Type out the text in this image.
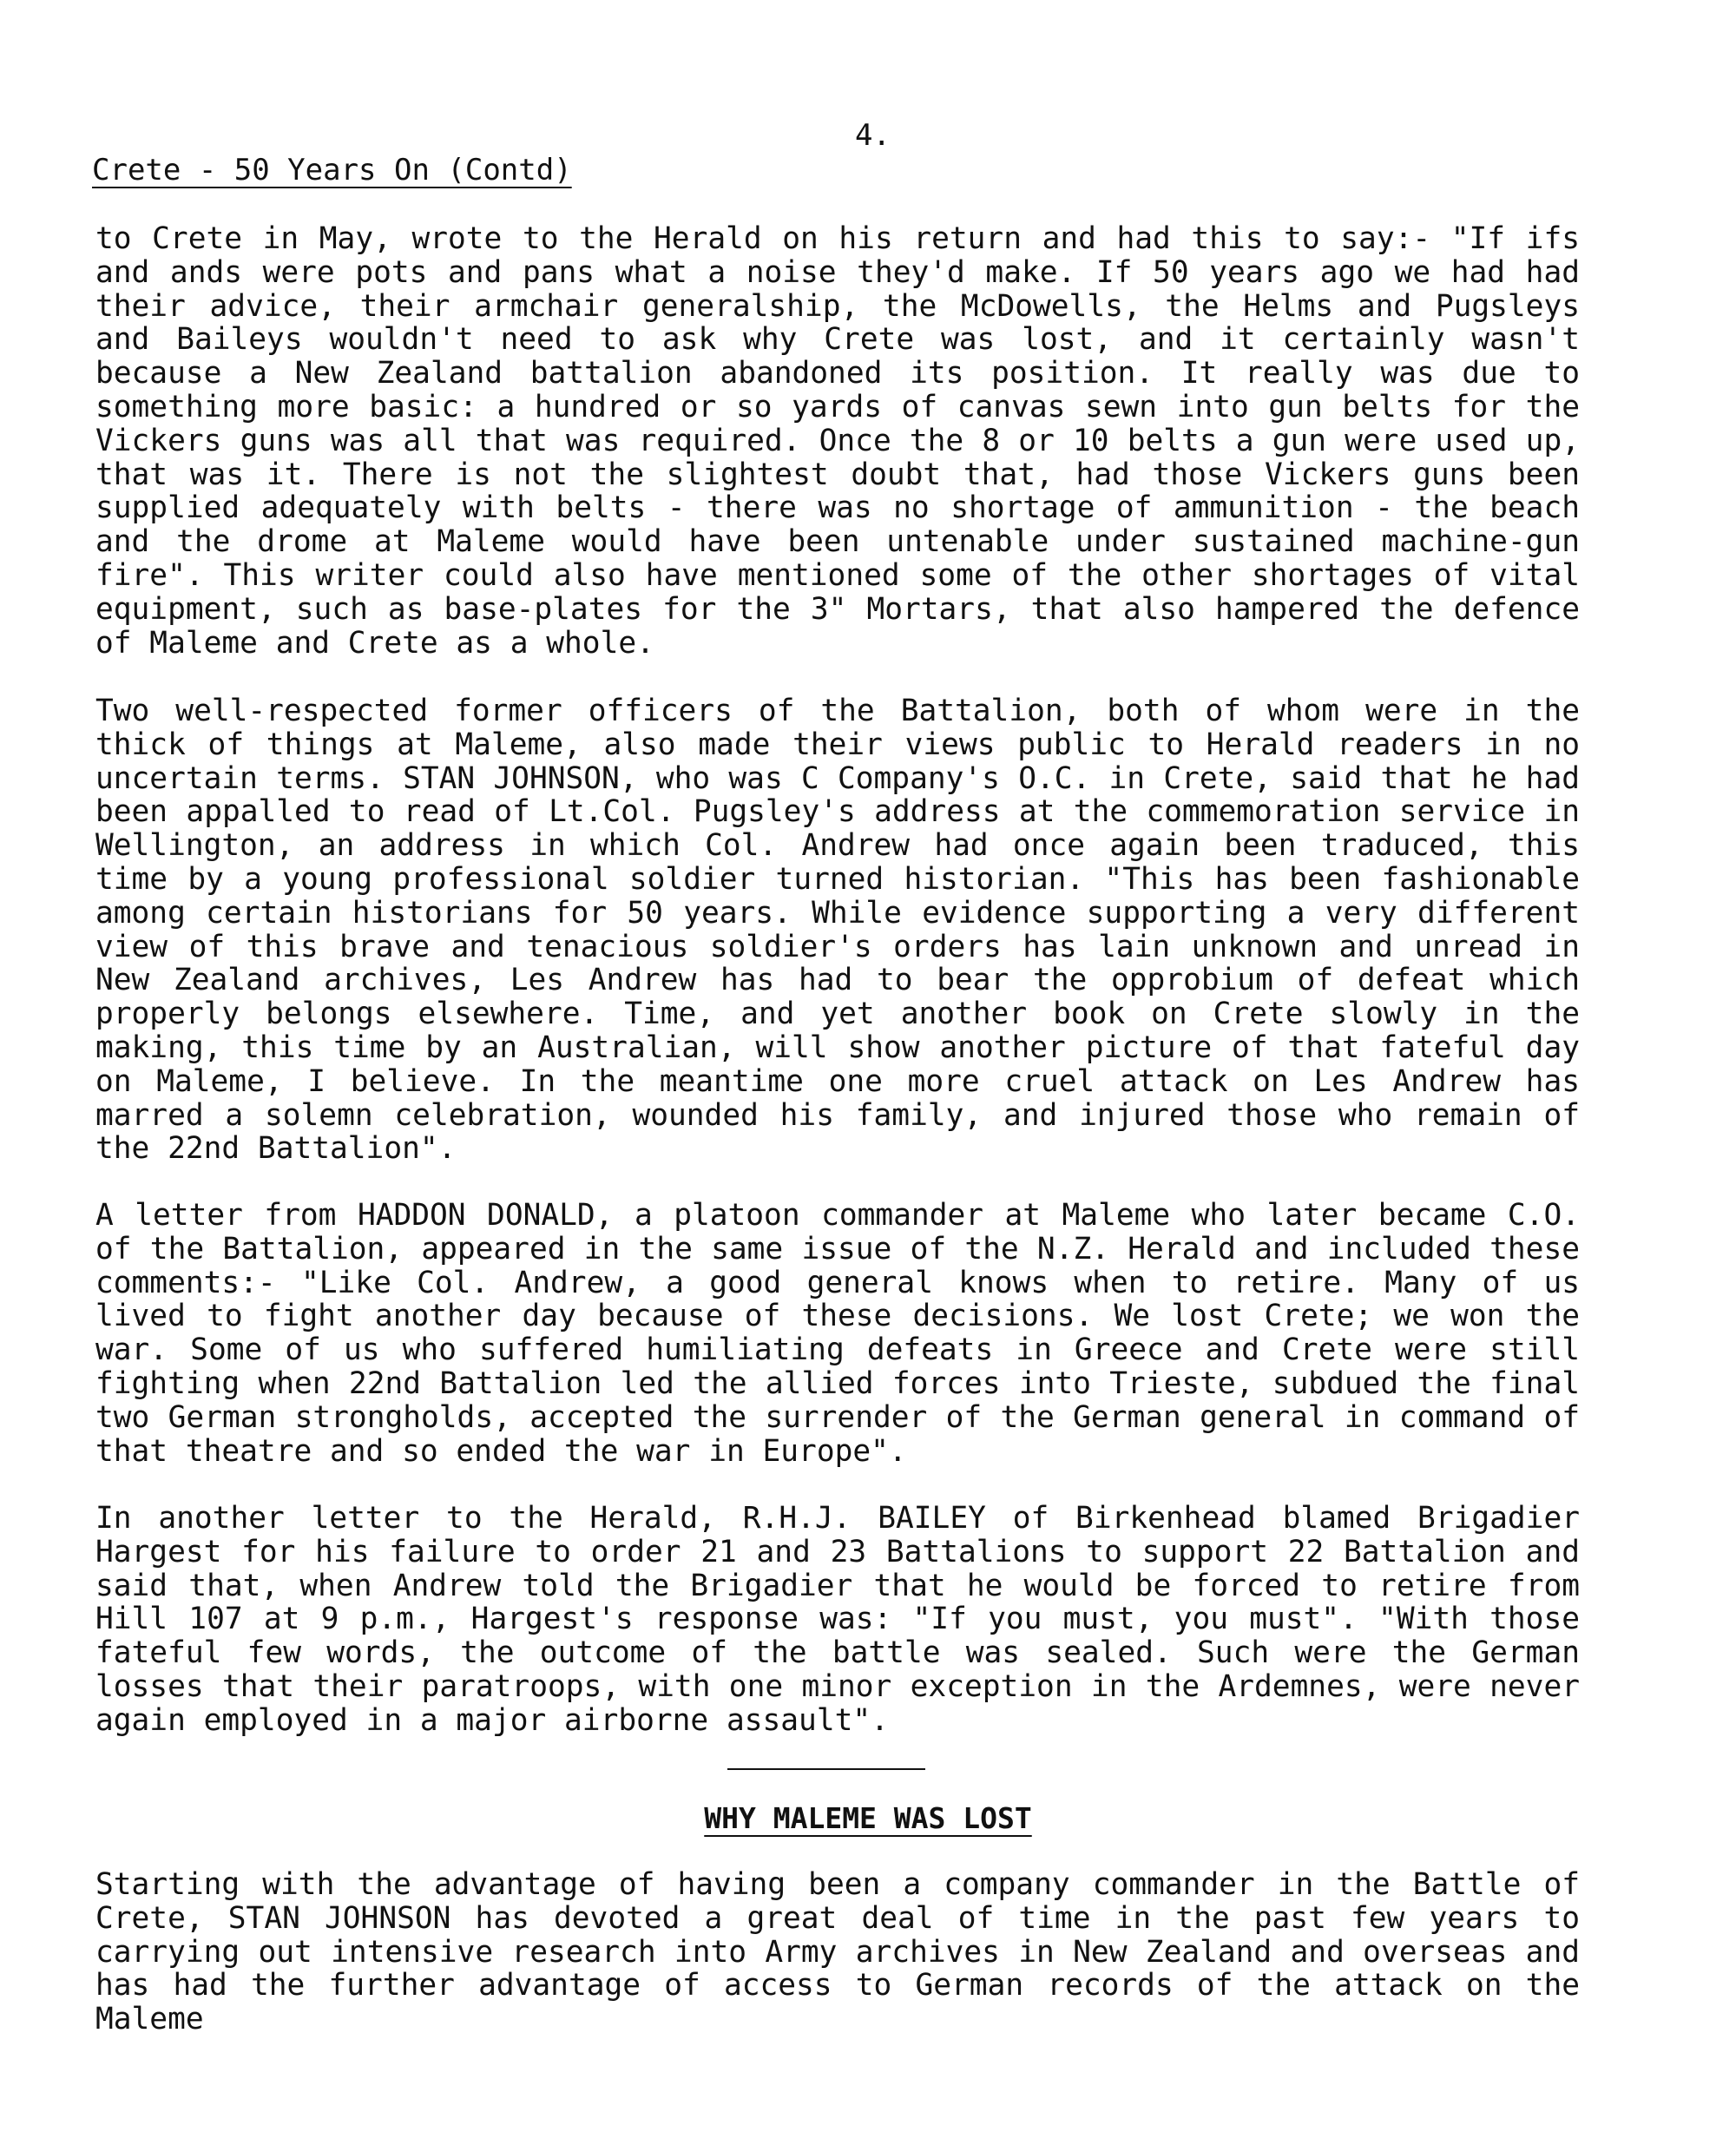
4.
Crete - 50 Years On (Contd)

to Crete in May, wrote to the Herald on his return and had this to say:- "If ifs and ands were pots and pans what a noise they'd make. If 50 years ago we had had their advice, their armchair generalship, the McDowells, the Helms and Pugsleys and Baileys wouldn't need to ask why Crete was lost, and it certainly wasn't because a New Zealand battalion abandoned its position. It really was due to something more basic: a hundred or so yards of canvas sewn into gun belts for the Vickers guns was all that was required. Once the 8 or 10 belts a gun were used up, that was it. There is not the slightest doubt that, had those Vickers guns been supplied adequately with belts - there was no shortage of ammunition - the beach and the drome at Maleme would have been untenable under sustained machine-gun fire". This writer could also have mentioned some of the other shortages of vital equipment, such as base-plates for the 3" Mortars, that also hampered the defence of Maleme and Crete as a whole.

Two well-respected former officers of the Battalion, both of whom were in the thick of things at Maleme, also made their views public to Herald readers in no uncertain terms. STAN JOHNSON, who was C Company's O.C. in Crete, said that he had been appalled to read of Lt.Col. Pugsley's address at the commemoration service in Wellington, an address in which Col. Andrew had once again been traduced, this time by a young professional soldier turned historian. "This has been fashionable among certain historians for 50 years. While evidence supporting a very different view of this brave and tenacious soldier's orders has lain unknown and unread in New Zealand archives, Les Andrew has had to bear the opprobium of defeat which properly belongs elsewhere. Time, and yet another book on Crete slowly in the making, this time by an Australian, will show another picture of that fateful day on Maleme, I believe. In the meantime one more cruel attack on Les Andrew has marred a solemn celebration, wounded his family, and injured those who remain of the 22nd Battalion".

A letter from HADDON DONALD, a platoon commander at Maleme who later became C.O. of the Battalion, appeared in the same issue of the N.Z. Herald and included these comments:- "Like Col. Andrew, a good general knows when to retire. Many of us lived to fight another day because of these decisions. We lost Crete; we won the war. Some of us who suffered humiliating defeats in Greece and Crete were still fighting when 22nd Battalion led the allied forces into Trieste, subdued the final two German strongholds, accepted the surrender of the German general in command of that theatre and so ended the war in Europe".

In another letter to the Herald, R.H.J. BAILEY of Birkenhead blamed Brigadier Hargest for his failure to order 21 and 23 Battalions to support 22 Battalion and said that, when Andrew told the Brigadier that he would be forced to retire from Hill 107 at 9 p.m., Hargest's response was: "If you must, you must". "With those fateful few words, the outcome of the battle was sealed. Such were the German losses that their paratroops, with one minor exception in the Ardemnes, were never again employed in a major airborne assault".

WHY MALEME WAS LOST

Starting with the advantage of having been a company commander in the Battle of Crete, STAN JOHNSON has devoted a great deal of time in the past few years to carrying out intensive research into Army archives in New Zealand and overseas and has had the further advantage of access to German records of the attack on the Maleme
